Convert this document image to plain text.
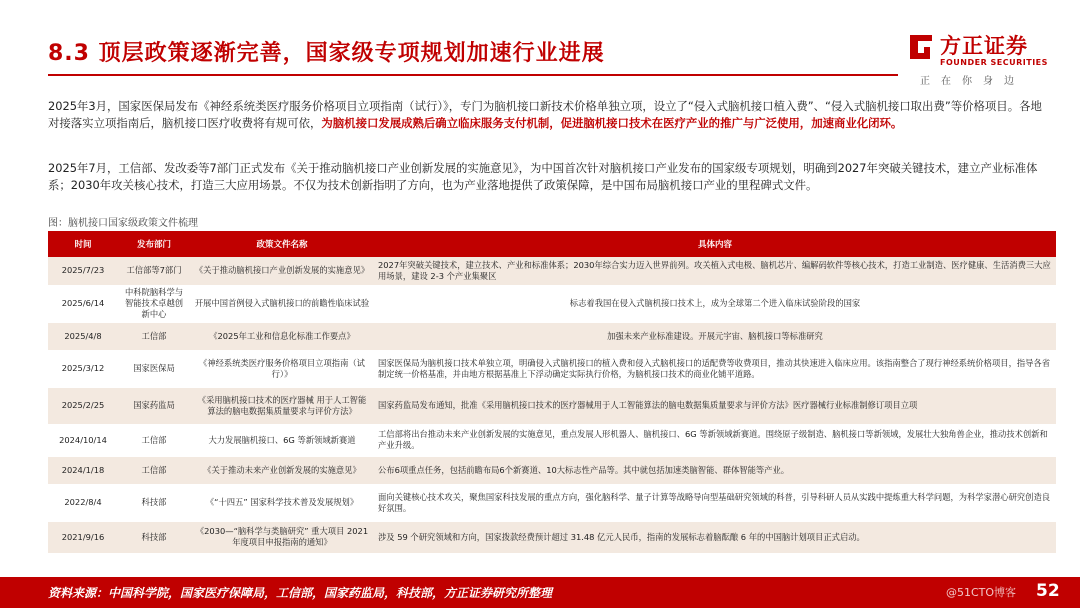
8.3 顶层政策逐渐完善，国家级专项规划加速行业进展	方正证券
FOUNDER SECURITIES
正在你身边
2025年3月，国家医保局发布《神经系统类医疗服务价格项目立项指南（试行）》，专门为脑机接口新技术价格单独立项，设立了“侵入式脑机接口植入费”、“侵入式脑机接口取出费”等价格项目。各地对接落实立项指南后，脑机接口医疗收费将有规可依，为脑机接口发展成熟后确立临床服务支付机制，促进脑机接口技术在医疗产业的推广与广泛使用，加速商业化闭环。
2025年7月，工信部、发改委等7部门正式发布《关于推动脑机接口产业创新发展的实施意见》，为中国首次针对脑机接口产业发布的国家级专项规划，明确到2027年突破关键技术，建立产业标准体系；2030年攻关核心技术，打造三大应用场景。不仅为技术创新指明了方向，也为产业落地提供了政策保障，是中国布局脑机接口产业的里程碑式文件。
图：脑机接口国家级政策文件梳理
时间	发布部门	政策文件名称	具体内容
2025/7/23	工信部等7部门	《关于推动脑机接口产业创新发展的实施意见》	2027年突破关键技术，建立技术、产业和标准体系；2030年综合实力迈入世界前列。攻关植入式电极、脑机芯片、编解码软件等核心技术，打造工业制造、医疗健康、生活消费三大应用场景，建设 2-3 个产业集聚区
2025/6/14	中科院脑科学与智能技术卓越创新中心	开展中国首例侵入式脑机接口的前瞻性临床试验	标志着我国在侵入式脑机接口技术上，成为全球第二个进入临床试验阶段的国家
2025/4/8	工信部	《2025年工业和信息化标准工作要点》	加强未来产业标准建设。开展元宇宙、脑机接口等标准研究
2025/3/12	国家医保局	《神经系统类医疗服务价格项目立项指南（试行）》	国家医保局为脑机接口技术单独立项，明确侵入式脑机接口的植入费和侵入式脑机接口的适配费等收费项目，推动其快速进入临床应用。该指南整合了现行神经系统价格项目，指导各省制定统一价格基准，并由地方根据基准上下浮动确定实际执行价格，为脑机接口技术的商业化铺平道路。
2025/2/25	国家药监局	《采用脑机接口技术的医疗器械 用于人工智能算法的脑电数据集质量要求与评价方法》	国家药监局发布通知，批准《采用脑机接口技术的医疗器械用于人工智能算法的脑电数据集质量要求与评价方法》医疗器械行业标准制修订项目立项
2024/10/14	工信部	大力发展脑机接口、6G 等新领域新赛道	工信部将出台推动未来产业创新发展的实施意见，重点发展人形机器人、脑机接口、6G 等新领域新赛道。围绕原子级制造、脑机接口等新领域，发展壮大独角兽企业，推动技术创新和产业升级。
2024/1/18	工信部	《关于推动未来产业创新发展的实施意见》	公布6项重点任务，包括前瞻布局6个新赛道、10大标志性产品等。其中就包括加速类脑智能、群体智能等产业。
2022/8/4	科技部	《“十四五” 国家科学技术普及发展规划》	面向关键核心技术攻关，聚焦国家科技发展的重点方向，强化脑科学、量子计算等战略导向型基础研究领域的科普，引导科研人员从实践中提炼重大科学问题，为科学家潜心研究创造良好氛围。
2021/9/16	科技部	《2030—“脑科学与类脑研究” 重大项目 2021 年度项目申报指南的通知》	涉及 59 个研究领域和方向，国家拨款经费预计超过 31.48 亿元人民币，指南的发展标志着脑酝酿 6 年的中国脑计划项目正式启动。
资料来源：中国科学院，国家医疗保障局，工信部，国家药监局，科技部，方正证券研究所整理	@51CTO博客 52
